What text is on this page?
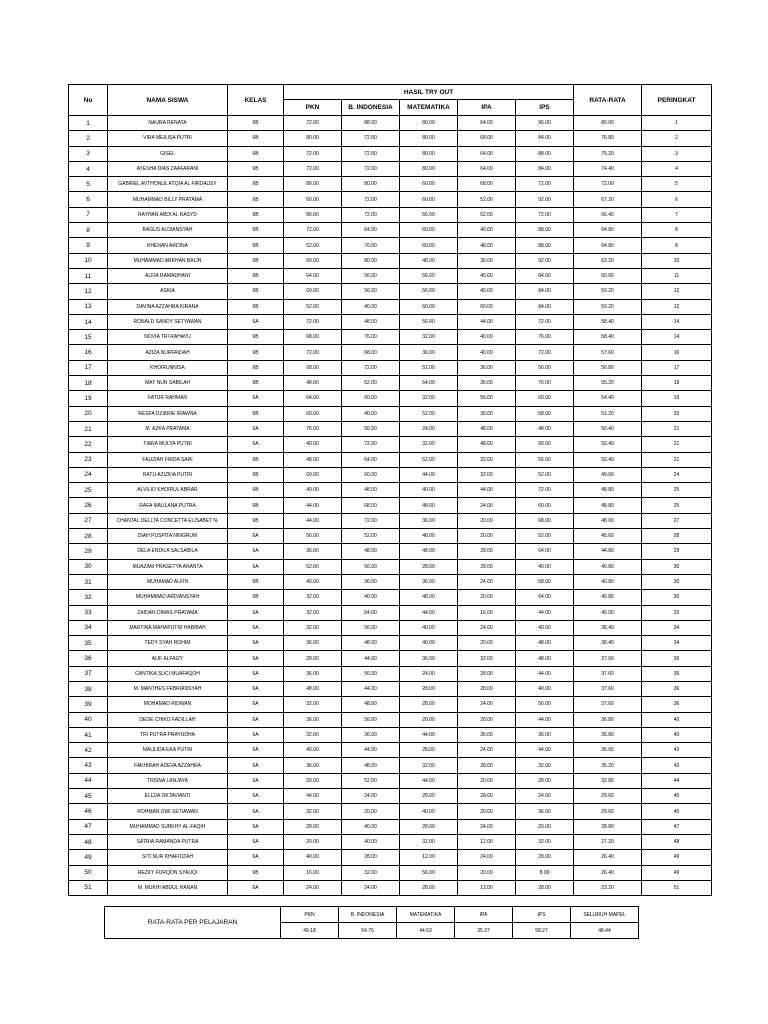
No	NAMA SISWA	KELAS	HASIL TRY OUT					RATA-RATA	PERINGKAT
			PKN	B. INDONESIA	MATEMATIKA	IPA	IPS		
1	NAURA RENATA	6B	72.00	88.00	80.00	64.00	96.00	80.00	1
2	VIRA MEILISA PUTRI	6B	80.00	72.00	80.00	68.00	84.00	76.80	2
3	GISEL	6B	72.00	72.00	80.00	64.00	88.00	75.20	3
4	AYESHA DIAS ZAAFARANI	6B	72.00	72.00	80.00	64.00	84.00	74.40	4
5	GABRIEL AVTHONUL ATQIA AL FIRDAUSY	6B	80.00	80.00	60.00	68.00	72.00	72.00	5
6	MUHAMMAD BILLY PRATAMA	6B	60.00	72.00	60.00	52.00	92.00	67.20	6
7	RAYHAN ABDI AL RASYD	6B	80.00	72.00	56.00	52.00	72.00	66.40	7
8	BAGUS ALDIANSYAH	6B	72.00	64.00	60.00	40.00	88.00	64.80	8
9	KHENAN ARDINA	6B	52.00	76.00	60.00	48.00	88.00	64.80	8
10	MUHAMMAD ARKHAN BALIN	6B	60.00	80.00	48.00	36.00	92.00	63.20	10
11	ALFIA RAMADHANI	6B	64.00	56.00	56.00	40.00	84.00	60.00	11
12	ASKIA	6B	60.00	56.00	56.00	40.00	84.00	59.20	12
13	DAVINA AZZAHRA KIRANA	6B	52.00	40.00	60.00	60.00	84.00	59.20	12
14	RONALD SANDY SETYAWAN	6A	72.00	48.00	56.00	44.00	72.00	58.40	14
15	NOVIA TRI RAHAYU	6B	68.00	76.00	32.00	40.00	76.00	58.40	14
16	AZIZA NURFAIDAH	6B	72.00	68.00	36.00	40.00	72.00	57.60	16
17	KHOIRUNNISA	6B	68.00	72.00	52.00	36.00	56.00	56.80	17
18	MAY NUR SABILAH	6B	48.00	52.00	64.00	36.00	76.00	55.20	18
19	FATUR RAHMAN	6A	64.00	60.00	32.00	56.00	60.00	54.40	19
20	RESFA DZIKRIE IRAWNA	6B	60.00	40.00	52.00	36.00	68.00	51.20	20
21	M. AZKA PRATAMA	6A	76.00	56.00	24.00	48.00	48.00	50.40	21
22	TIARA MULYA PUTRI	6A	40.00	72.00	32.00	48.00	60.00	50.40	21
23	FAUZIAH FIRDA SARI	6B	48.00	64.00	52.00	32.00	56.00	50.40	21
24	RATU AZIZKIA PUTRI	6B	60.00	60.00	44.00	32.00	52.00	49.60	24
25	ALVILIO KHOIRUL ABRAR	6B	40.00	48.00	40.00	44.00	72.00	48.80	25
26	RAFA MAULANA PUTRA	6B	44.00	68.00	48.00	24.00	60.00	48.80	25
27	CHANTAL DELLTA CONCETTA ELISABET N.	6B	44.00	72.00	36.00	20.00	68.00	48.00	27
28	DIAH PUSPITA NINGRUM	6A	56.00	52.00	48.00	20.00	52.00	45.60	28
29	DELA ENDILA SALSABILA	6A	36.00	48.00	48.00	28.00	64.00	44.80	29
30	MUAZAM PRASETYA ANANTA	6A	52.00	56.00	28.00	28.00	40.00	40.80	30
31	MUHAMAD ALFIN	6B	40.00	36.00	36.00	24.00	68.00	40.80	30
32	MUHAMMAD ARDIANSYAH	6B	32.00	40.00	48.00	20.00	64.00	40.80	30
33	ZAIDAN DIMAS PRATAMA	6A	32.00	64.00	44.00	16.00	44.00	40.00	33
34	MARTINA MAHAPUTRI HABIBAH	6A	32.00	56.00	40.00	24.00	40.00	38.40	34
35	TEDY SYAH ROHIM	6A	36.00	48.00	40.00	20.00	48.00	38.40	34
36	ALIF ALFAIZY	6A	28.00	44.00	36.00	32.00	48.00	37.60	36
37	CANTIKA SUCI MUAFAQOH	6A	36.00	56.00	24.00	28.00	44.00	37.60	36
38	M. MANTHES FEBRIANSYAH	6A	48.00	44.00	28.00	28.00	40.00	37.60	36
39	MOHAMAD RIDWAN	6A	32.00	48.00	28.00	24.00	56.00	37.60	36
40	DEDE CHIKO FADILLAH	6A	36.00	56.00	20.00	28.00	44.00	36.80	40
41	TRI PUTRA PRAYUDHA	6A	32.00	36.00	44.00	36.00	36.00	36.80	40
42	MAULIDA EKA PUTRI	6A	40.00	44.00	28.00	24.00	44.00	36.00	42
43	FAKHIRAH ADEVA AZZAHRA	6A	36.00	48.00	32.00	28.00	32.00	35.20	43
44	TRISNA LANJAYA	6A	20.00	52.00	44.00	20.00	28.00	32.80	44
45	ELLDA OKTAVIANTI	6A	44.00	24.00	28.00	28.00	24.00	29.60	45
46	ROHMAN DWI SETIAWAN	6A	32.00	20.00	40.00	20.00	36.00	29.60	45
47	MUHAMMAD SUBKHY AL-FAQIH	6A	28.00	40.00	28.00	24.00	20.00	28.80	47
48	SATRIA RAMANDA PUTRA	6A	20.00	40.00	32.00	12.00	32.00	27.20	48
49	SITI NUR KHAFIDZAH	6A	40.00	28.00	12.00	24.00	28.00	26.40	49
50	REZKY FURQON SYAUQI	6B	16.00	32.00	56.00	20.00	8.00	26.40	49
51	M. MUKHI ABDUL HANAN	6A	24.00	24.00	28.00	12.00	28.00	23.20	51
RATA-RATA PER PELAJARAN	PKN	B. INDONESIA	MATEMATIKA	IPA	IPS	SELURUH MAPEL
	49.18	54.75	44.63	35.37	58.27	48.44
